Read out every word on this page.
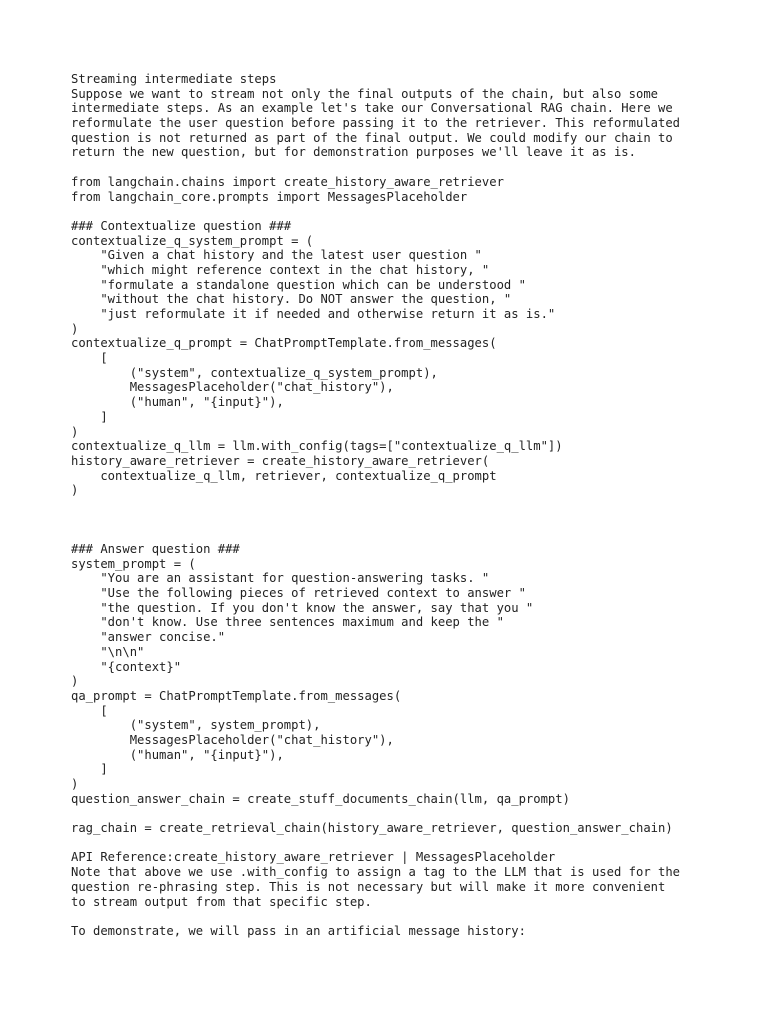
Streaming intermediate steps
Suppose we want to stream not only the final outputs of the chain, but also some
intermediate steps. As an example let's take our Conversational RAG chain. Here we
reformulate the user question before passing it to the retriever. This reformulated
question is not returned as part of the final output. We could modify our chain to
return the new question, but for demonstration purposes we'll leave it as is.
from langchain.chains import create_history_aware_retriever
from langchain_core.prompts import MessagesPlaceholder
### Contextualize question ###
contextualize_q_system_prompt = (
"Given a chat history and the latest user question "
"which might reference context in the chat history, "
"formulate a standalone question which can be understood "
"without the chat history. Do NOT answer the question, "
"just reformulate it if needed and otherwise return it as is."
)
contextualize_q_prompt = ChatPromptTemplate.from_messages(
[
("system", contextualize_q_system_prompt),
MessagesPlaceholder("chat_history"),
("human", "{input}"),
]
)
contextualize_q_llm = llm.with_config(tags=["contextualize_q_llm"])
history_aware_retriever = create_history_aware_retriever(
contextualize_q_llm, retriever, contextualize_q_prompt
)
### Answer question ###
system_prompt = (
"You are an assistant for question-answering tasks. "
"Use the following pieces of retrieved context to answer "
"the question. If you don't know the answer, say that you "
"don't know. Use three sentences maximum and keep the "
"answer concise."
"\n\n"
"{context}"
)
qa_prompt = ChatPromptTemplate.from_messages(
[
("system", system_prompt),
MessagesPlaceholder("chat_history"),
("human", "{input}"),
]
)
question_answer_chain = create_stuff_documents_chain(llm, qa_prompt)
rag_chain = create_retrieval_chain(history_aware_retriever, question_answer_chain)
API Reference:create_history_aware_retriever | MessagesPlaceholder
Note that above we use .with_config to assign a tag to the LLM that is used for the
question re-phrasing step. This is not necessary but will make it more convenient
to stream output from that specific step.
To demonstrate, we will pass in an artificial message history:
